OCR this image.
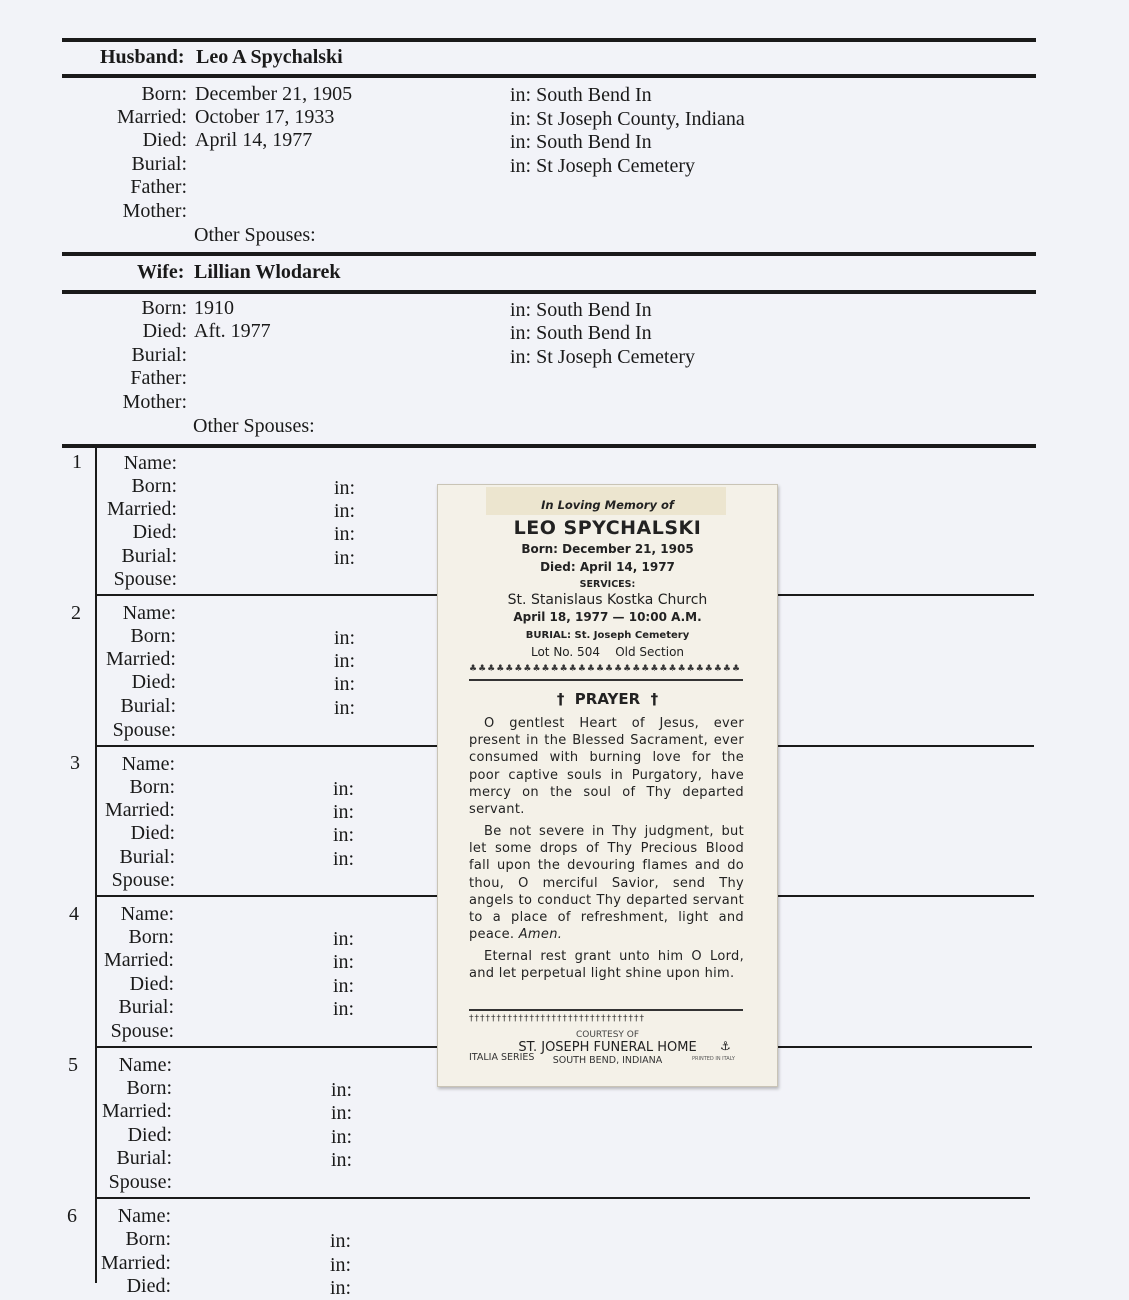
Husband: Leo A Spychalski
Born: December 21, 1905	in: South Bend In
Married: October 17, 1933	in: St Joseph County, Indiana
Died: April 14, 1977	in: South Bend In
Burial:	in: St Joseph Cemetery
Father:
Mother:
Other Spouses:
Wife: Lillian Wlodarek
Born: 1910	in: South Bend In
Died: Aft. 1977	in: South Bend In
Burial:	in: St Joseph Cemetery
Father:
Mother:
Other Spouses:
1	Name:
Born:	in:
Married:	in:
Died:	in:
Burial:	in:
Spouse:
2	Name:
Born:	in:
Married:	in:
Died:	in:
Burial:	in:
Spouse:
3	Name:
Born:	in:
Married:	in:
Died:	in:
Burial:	in:
Spouse:
4	Name:
Born:	in:
Married:	in:
Died:	in:
Burial:	in:
Spouse:
5	Name:
Born:	in:
Married:	in:
Died:	in:
Burial:	in:
Spouse:
6	Name:
Born:	in:
Married:	in:
Died:	in:
In Loving Memory of
LEO SPYCHALSKI
Born: December 21, 1905
Died: April 14, 1977
SERVICES:
St. Stanislaus Kostka Church
April 18, 1977 — 10:00 A.M.
BURIAL: St. Joseph Cemetery
Lot No. 504    Old Section
♣♣♣♣♣♣♣♣♣♣♣♣♣♣♣♣♣♣♣♣♣♣♣♣♣♣♣♣♣♣
†  PRAYER  †
O gentlest Heart of Jesus, ever present in the Blessed Sacrament, ever consumed with burning love for the poor captive souls in Purgatory, have mercy on the soul of Thy departed servant.
Be not severe in Thy judgment, but let some drops of Thy Precious Blood fall upon the devouring flames and do thou, O merciful Savior, send Thy angels to conduct Thy departed servant to a place of refreshment, light and peace. Amen.
Eternal rest grant unto him O Lord, and let perpetual light shine upon him.
††††††††††††††††††††††††††††††††
COURTESY OF
ST. JOSEPH FUNERAL HOME	⚓
ITALIA SERIES	SOUTH BEND, INDIANA	PRINTED IN ITALY
